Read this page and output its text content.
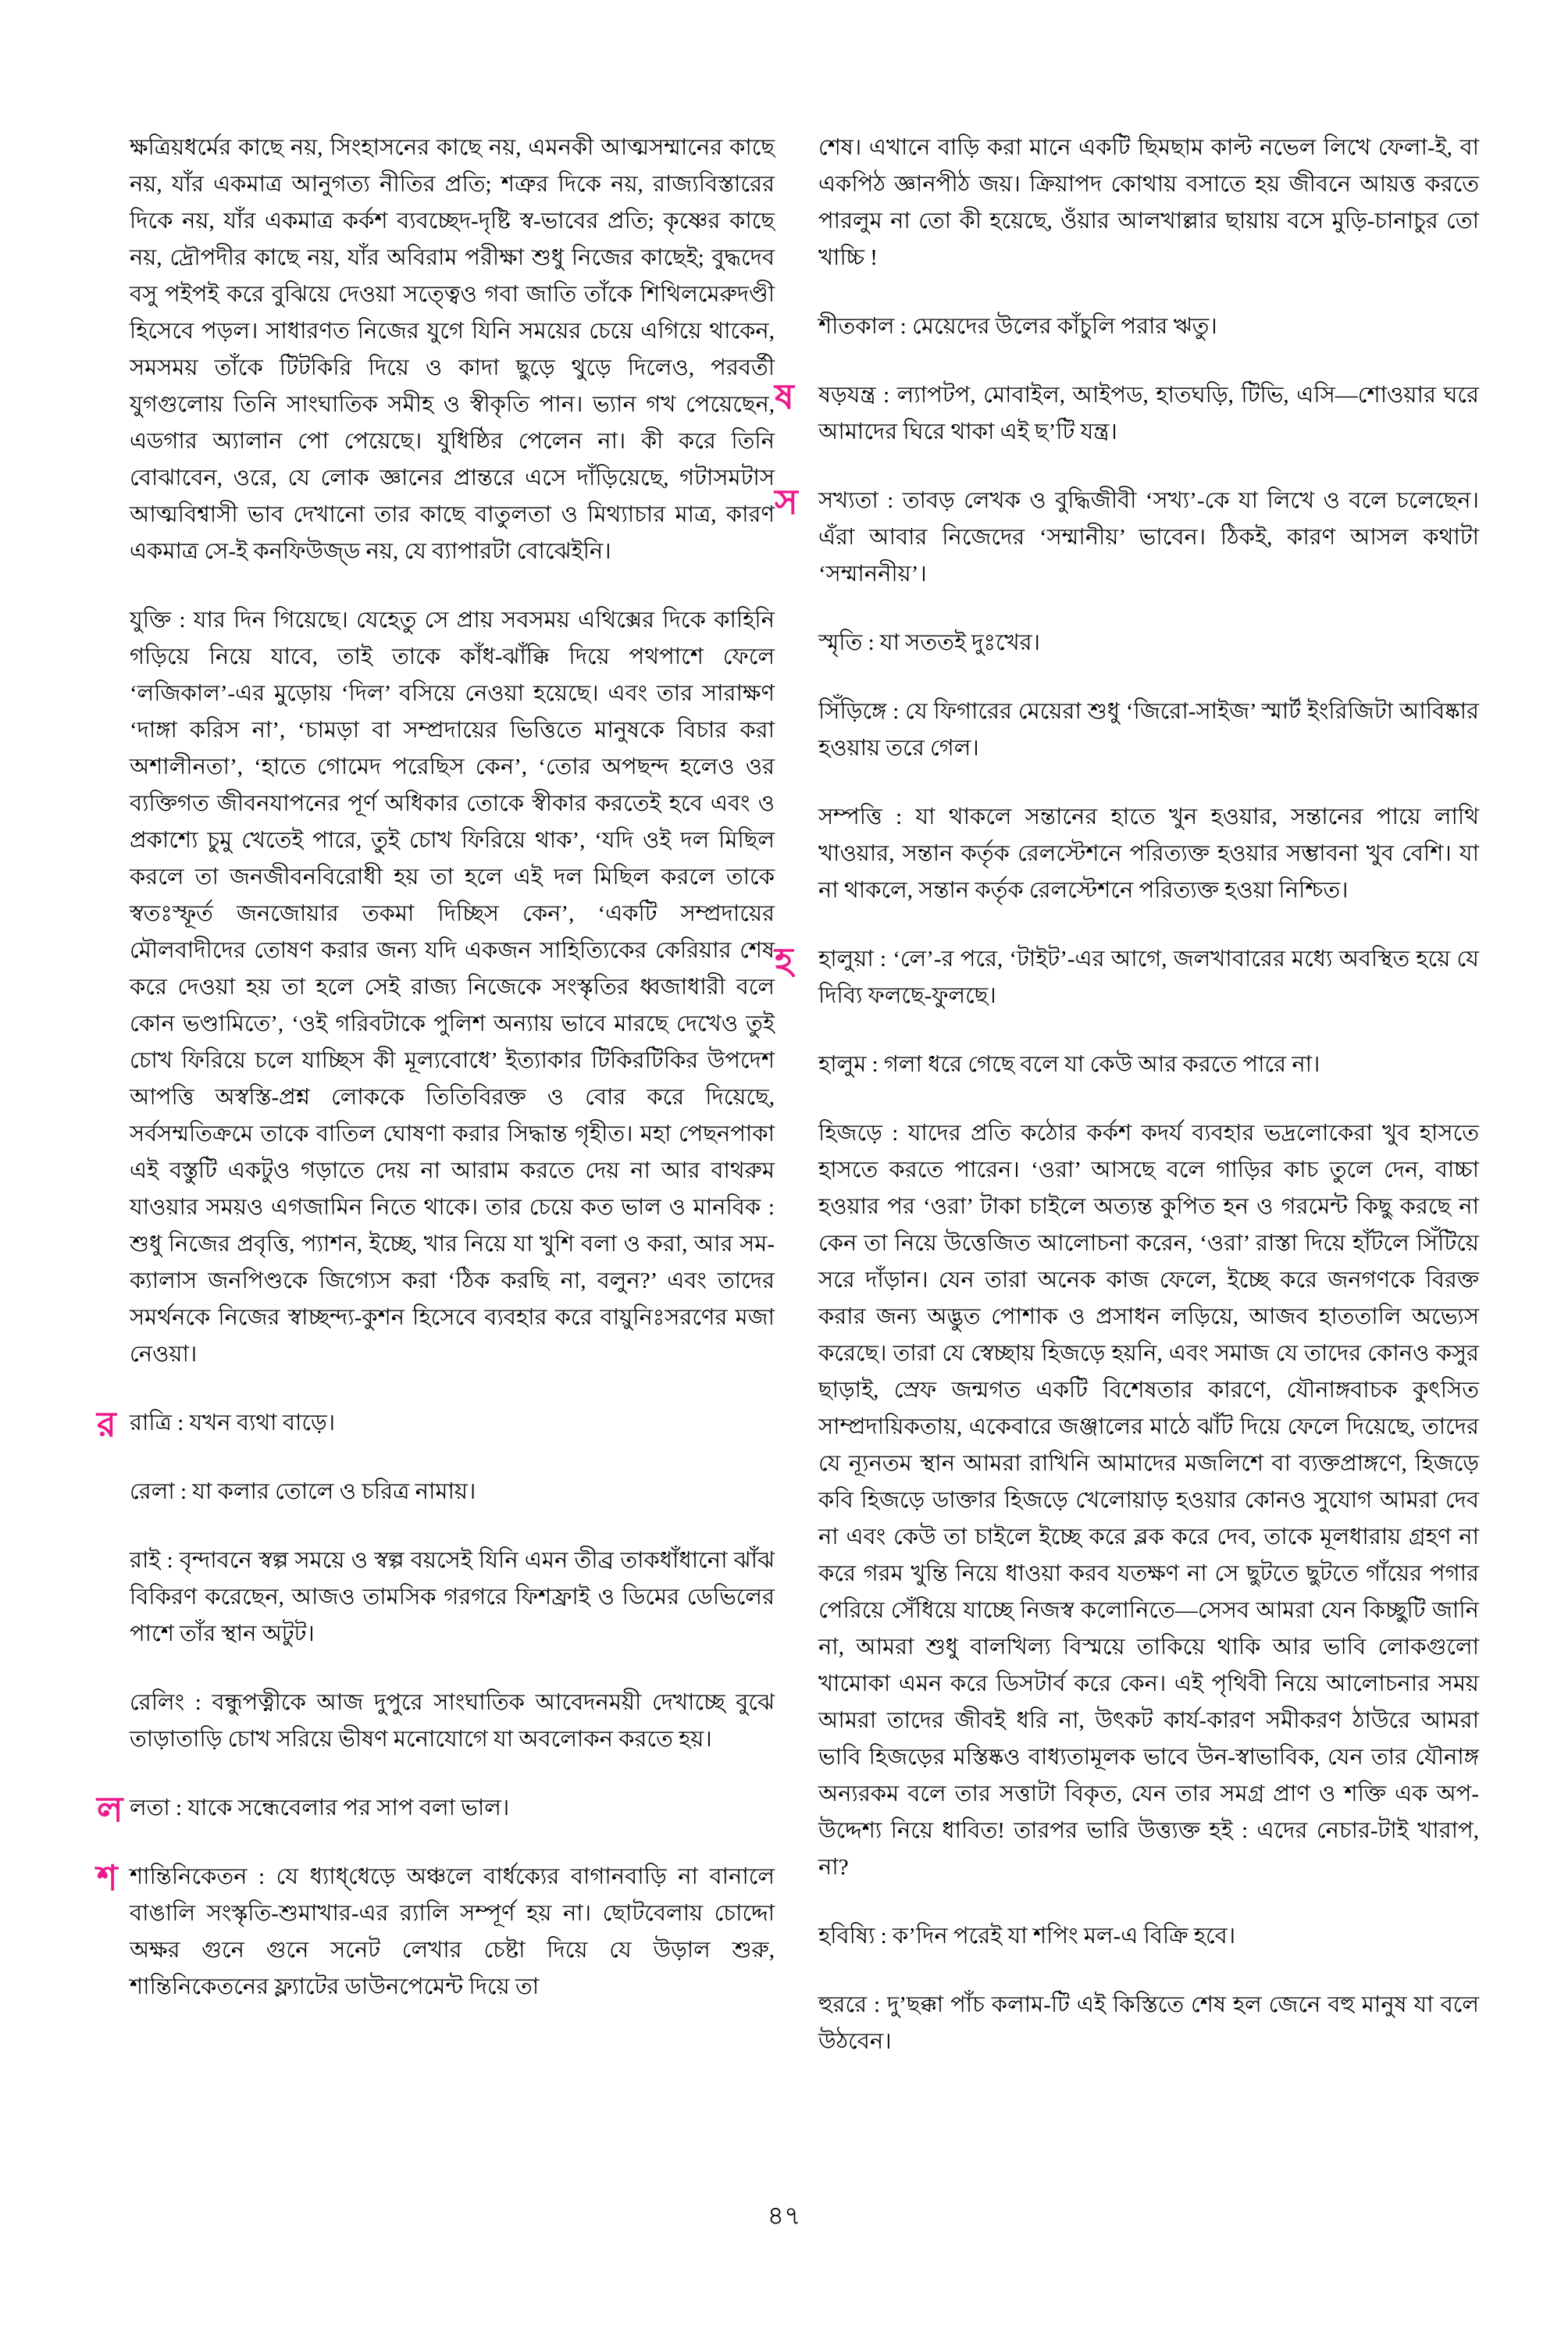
ক্ষত্রিয়ধর্মের কাছে নয়, সিংহাসনের কাছে নয়, এমনকী আত্মসম্মানের কাছে নয়, যাঁর একমাত্র আনুগত্য নীতির প্রতি; শত্রুর দিকে নয়, রাজ্যবিস্তারের দিকে নয়, যাঁর একমাত্র কর্কশ ব্যবচ্ছেদ-দৃষ্টি স্ব-ভাবের প্রতি; কৃষ্ণের কাছে নয়, দ্রৌপদীর কাছে নয়, যাঁর অবিরাম পরীক্ষা শুধু নিজের কাছেই; বুদ্ধদেব বসু পইপই করে বুঝিয়ে দেওয়া সত্ত্বেও গবা জাতি তাঁকে শিথিলমেরুদণ্ডী হিসেবে পড়ল। সাধারণত নিজের যুগে যিনি সময়ের চেয়ে এগিয়ে থাকেন, সমসময় তাঁকে টিটকিরি দিয়ে ও কাদা ছুড়ে থুড়ে দিলেও, পরবর্তী যুগগুলোয় তিনি সাংঘাতিক সমীহ ও স্বীকৃতি পান। ভ্যান গখ পেয়েছেন, এডগার অ্যালান পো পেয়েছে। যুধিষ্ঠির পেলেন না। কী করে তিনি বোঝাবেন, ওরে, যে লোক জ্ঞানের প্রান্তরে এসে দাঁড়িয়েছে, গটাসমটাস আত্মবিশ্বাসী ভাব দেখানো তার কাছে বাতুলতা ও মিথ্যাচার মাত্র, কারণ একমাত্র সে-ই কনফিউজ্‌ড নয়, যে ব্যাপারটা বোঝেইনি।

যুক্তি : যার দিন গিয়েছে। যেহেতু সে প্রায় সবসময় এথিক্সের দিকে কাহিনি গড়িয়ে নিয়ে যাবে, তাই তাকে কাঁধ-ঝাঁক্কি দিয়ে পথপাশে ফেলে ‘লজিকাল’-এর মুড়োয় ‘দিল’ বসিয়ে নেওয়া হয়েছে। এবং তার সারাক্ষণ ‘দাঙ্গা করিস না’, ‘চামড়া বা সম্প্রদায়ের ভিত্তিতে মানুষকে বিচার করা অশালীনতা’, ‘হাতে গোমেদ পরেছিস কেন’, ‘তোর অপছন্দ হলেও ওর ব্যক্তিগত জীবনযাপনের পূর্ণ অধিকার তোকে স্বীকার করতেই হবে এবং ও প্রকাশ্যে চুমু খেতেই পারে, তুই চোখ ফিরিয়ে থাক’, ‘যদি ওই দল মিছিল করলে তা জনজীবনবিরোধী হয় তা হলে এই দল মিছিল করলে তাকে স্বতঃস্ফূর্ত জনজোয়ার তকমা দিচ্ছিস কেন’, ‘একটি সম্প্রদায়ের মৌলবাদীদের তোষণ করার জন্য যদি একজন সাহিত্যিকের কেরিয়ার শেষ করে দেওয়া হয় তা হলে সেই রাজ্য নিজেকে সংস্কৃতির ধ্বজাধারী বলে কোন ভণ্ডামিতে’, ‘ওই গরিবটাকে পুলিশ অন্যায় ভাবে মারছে দেখেও তুই চোখ ফিরিয়ে চলে যাচ্ছিস কী মূল্যবোধে’ ইত্যাকার টিকিরটিকির উপদেশ আপত্তি অস্বস্তি-প্রশ্ন লোককে তিতিবিরক্ত ও বোর করে দিয়েছে, সর্বসম্মতিক্রমে তাকে বাতিল ঘোষণা করার সিদ্ধান্ত গৃহীত। মহা পেছনপাকা এই বস্তুটি একটুও গড়াতে দেয় না আরাম করতে দেয় না আর বাথরুম যাওয়ার সময়ও এগজামিন নিতে থাকে। তার চেয়ে কত ভাল ও মানবিক : শুধু নিজের প্রবৃত্তি, প্যাশন, ইচ্ছে, খার নিয়ে যা খুশি বলা ও করা, আর সম-ক্যালাস জনপিণ্ডকে জিগ্যেস করা ‘ঠিক করছি না, বলুন?’ এবং তাদের সমর্থনকে নিজের স্বাচ্ছন্দ্য-কুশন হিসেবে ব্যবহার করে বায়ুনিঃসরণের মজা নেওয়া।

র রাত্রি : যখন ব্যথা বাড়ে।

রেলা : যা কলার তোলে ও চরিত্র নামায়।

রাই : বৃন্দাবনে স্বল্প সময়ে ও স্বল্প বয়সেই যিনি এমন তীব্র তাকধাঁধানো ঝাঁঝ বিকিরণ করেছেন, আজও তামসিক গরগরে ফিশফ্রাই ও ডিমের ডেভিলের পাশে তাঁর স্থান অটুট।

রেলিং : বন্ধুপত্নীকে আজ দুপুরে সাংঘাতিক আবেদনময়ী দেখাচ্ছে বুঝে তাড়াতাড়ি চোখ সরিয়ে ভীষণ মনোযোগে যা অবলোকন করতে হয়।

ল লতা : যাকে সন্ধেবেলার পর সাপ বলা ভাল।

শ শান্তিনিকেতন : যে ধ্যাধ্‌ধেড়ে অঞ্চলে বার্ধক্যের বাগানবাড়ি না বানালে বাঙালি সংস্কৃতি-শুমাখার-এর র‍্যালি সম্পূর্ণ হয় না। ছোটবেলায় চোদ্দো অক্ষর গুনে গুনে সনেট লেখার চেষ্টা দিয়ে যে উড়াল শুরু, শান্তিনিকেতনের ফ্ল্যাটের ডাউনপেমেন্ট দিয়ে তা

শেষ। এখানে বাড়ি করা মানে একটি ছিমছাম কাল্ট নভেল লিখে ফেলা-ই, বা একপিঠ জ্ঞানপীঠ জয়। ক্রিয়াপদ কোথায় বসাতে হয় জীবনে আয়ত্ত করতে পারলুম না তো কী হয়েছে, ওঁয়ার আলখাল্লার ছায়ায় বসে মুড়ি-চানাচুর তো খাচ্চি !

শীতকাল : মেয়েদের উলের কাঁচুলি পরার ঋতু।

ষ ষড়যন্ত্র : ল্যাপটপ, মোবাইল, আইপড, হাতঘড়ি, টিভি, এসি—শোওয়ার ঘরে আমাদের ঘিরে থাকা এই ছ’টি যন্ত্র।

স সখ্যতা : তাবড় লেখক ও বুদ্ধিজীবী ‘সখ্য’-কে যা লিখে ও বলে চলেছেন। এঁরা আবার নিজেদের ‘সম্মানীয়’ ভাবেন। ঠিকই, কারণ আসল কথাটা ‘সম্মাননীয়’।

স্মৃতি : যা সততই দুঃখের।

সিঁড়িঙ্গে : যে ফিগারের মেয়েরা শুধু ‘জিরো-সাইজ’ স্মার্ট ইংরিজিটা আবিষ্কার হওয়ায় তরে গেল।

সম্পত্তি : যা থাকলে সন্তানের হাতে খুন হওয়ার, সন্তানের পায়ে লাথি খাওয়ার, সন্তান কর্তৃক রেলস্টেশনে পরিত্যক্ত হওয়ার সম্ভাবনা খুব বেশি। যা না থাকলে, সন্তান কর্তৃক রেলস্টেশনে পরিত্যক্ত হওয়া নিশ্চিত।

হ হালুয়া : ‘লে’-র পরে, ‘টাইট’-এর আগে, জলখাবারের মধ্যে অবস্থিত হয়ে যে দিব্যি ফলছে-ফুলছে।

হালুম : গলা ধরে গেছে বলে যা কেউ আর করতে পারে না।

হিজড়ে : যাদের প্রতি কঠোর কর্কশ কদর্য ব্যবহার ভদ্রলোকেরা খুব হাসতে হাসতে করতে পারেন। ‘ওরা’ আসছে বলে গাড়ির কাচ তুলে দেন, বাচ্চা হওয়ার পর ‘ওরা’ টাকা চাইলে অত্যন্ত কুপিত হন ও গরমেন্ট কিছু করছে না কেন তা নিয়ে উত্তেজিত আলোচনা করেন, ‘ওরা’ রাস্তা দিয়ে হাঁটলে সিঁটিয়ে সরে দাঁড়ান। যেন তারা অনেক কাজ ফেলে, ইচ্ছে করে জনগণকে বিরক্ত করার জন্য অদ্ভুত পোশাক ও প্রসাধন লড়িয়ে, আজব হাততালি অভ্যেস করেছে। তারা যে স্বেচ্ছায় হিজড়ে হয়নি, এবং সমাজ যে তাদের কোনও কসুর ছাড়াই, স্রেফ জন্মগত একটি বিশেষতার কারণে, যৌনাঙ্গবাচক কুৎসিত সাম্প্রদায়িকতায়, একেবারে জঞ্জালের মাঠে ঝাঁট দিয়ে ফেলে দিয়েছে, তাদের যে ন্যূনতম স্থান আমরা রাখিনি আমাদের মজলিশে বা ব্যক্তপ্রাঙ্গণে, হিজড়ে কবি হিজড়ে ডাক্তার হিজড়ে খেলোয়াড় হওয়ার কোনও সুযোগ আমরা দেব না এবং কেউ তা চাইলে ইচ্ছে করে ব্লক করে দেব, তাকে মূলধারায় গ্রহণ না করে গরম খুন্তি নিয়ে ধাওয়া করব যতক্ষণ না সে ছুটতে ছুটতে গাঁয়ের পগার পেরিয়ে সেঁধিয়ে যাচ্ছে নিজস্ব কলোনিতে—সেসব আমরা যেন কিচ্ছুটি জানি না, আমরা শুধু বালখিল্য বিস্ময়ে তাকিয়ে থাকি আর ভাবি লোকগুলো খামোকা এমন করে ডিসটার্ব করে কেন। এই পৃথিবী নিয়ে আলোচনার সময় আমরা তাদের জীবই ধরি না, উৎকট কার্য-কারণ সমীকরণ ঠাউরে আমরা ভাবি হিজড়ের মস্তিষ্কও বাধ্যতামূলক ভাবে উন-স্বাভাবিক, যেন তার যৌনাঙ্গ অন্যরকম বলে তার সত্তাটা বিকৃত, যেন তার সমগ্র প্রাণ ও শক্তি এক অপ-উদ্দেশ্য নিয়ে ধাবিত! তারপর ভারি উত্ত্যক্ত হই : এদের নেচার-টাই খারাপ, না?

হবিষ্যি : ক’দিন পরেই যা শপিং মল-এ বিক্রি হবে।

হুররে : দু’ছক্কা পাঁচ কলাম-টি এই কিস্তিতে শেষ হল জেনে বহু মানুষ যা বলে উঠবেন।

৪৭
